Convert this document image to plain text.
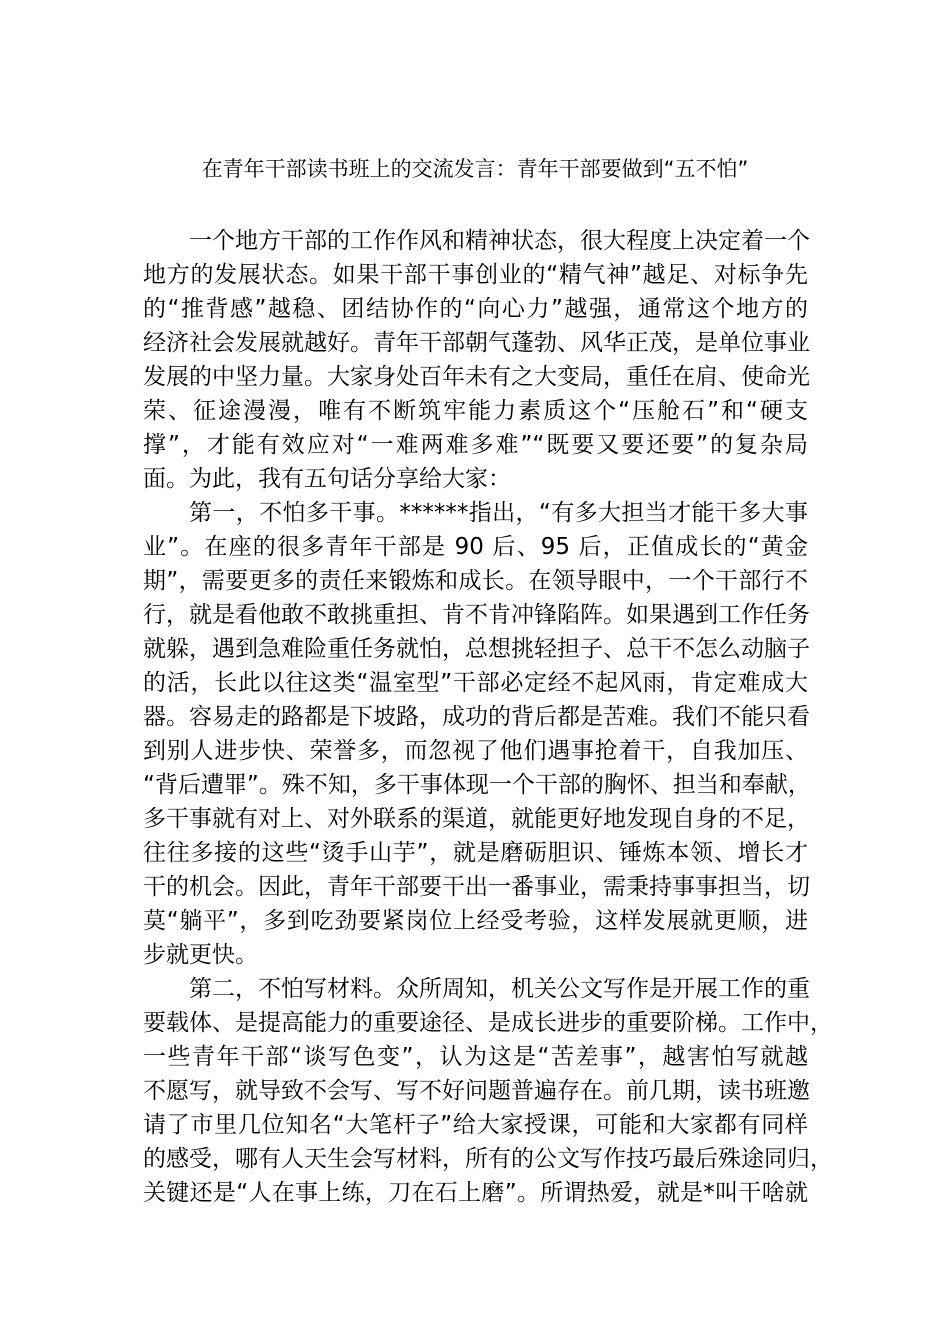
在青年干部读书班上的交流发言：青年干部要做到“五不怕”
一个地方干部的工作作风和精神状态，很大程度上决定着一个
地方的发展状态。如果干部干事创业的“精气神”越足、对标争先
的“推背感”越稳、团结协作的“向心力”越强，通常这个地方的
经济社会发展就越好。青年干部朝气蓬勃、风华正茂，是单位事业
发展的中坚力量。大家身处百年未有之大变局，重任在肩、使命光
荣、征途漫漫，唯有不断筑牢能力素质这个“压舱石”和“硬支
撑”，才能有效应对“一难两难多难”“既要又要还要”的复杂局
面。为此，我有五句话分享给大家：
第一，不怕多干事。******指出，“有多大担当才能干多大事
业”。在座的很多青年干部是 90 后、95 后，正值成长的“黄金
期”，需要更多的责任来锻炼和成长。在领导眼中，一个干部行不
行，就是看他敢不敢挑重担、肯不肯冲锋陷阵。如果遇到工作任务
就躲，遇到急难险重任务就怕，总想挑轻担子、总干不怎么动脑子
的活，长此以往这类“温室型”干部必定经不起风雨，肯定难成大
器。容易走的路都是下坡路，成功的背后都是苦难。我们不能只看
到别人进步快、荣誉多，而忽视了他们遇事抢着干，自我加压、
“背后遭罪”。殊不知，多干事体现一个干部的胸怀、担当和奉献，
多干事就有对上、对外联系的渠道，就能更好地发现自身的不足，
往往多接的这些“烫手山芋”，就是磨砺胆识、锤炼本领、增长才
干的机会。因此，青年干部要干出一番事业，需秉持事事担当，切
莫“躺平”，多到吃劲要紧岗位上经受考验，这样发展就更顺，进
步就更快。
第二，不怕写材料。众所周知，机关公文写作是开展工作的重
要载体、是提高能力的重要途径、是成长进步的重要阶梯。工作中，
一些青年干部“谈写色变”，认为这是“苦差事”，越害怕写就越
不愿写，就导致不会写、写不好问题普遍存在。前几期，读书班邀
请了市里几位知名“大笔杆子”给大家授课，可能和大家都有同样
的感受，哪有人天生会写材料，所有的公文写作技巧最后殊途同归，
关键还是“人在事上练，刀在石上磨”。所谓热爱，就是*叫干啥就
